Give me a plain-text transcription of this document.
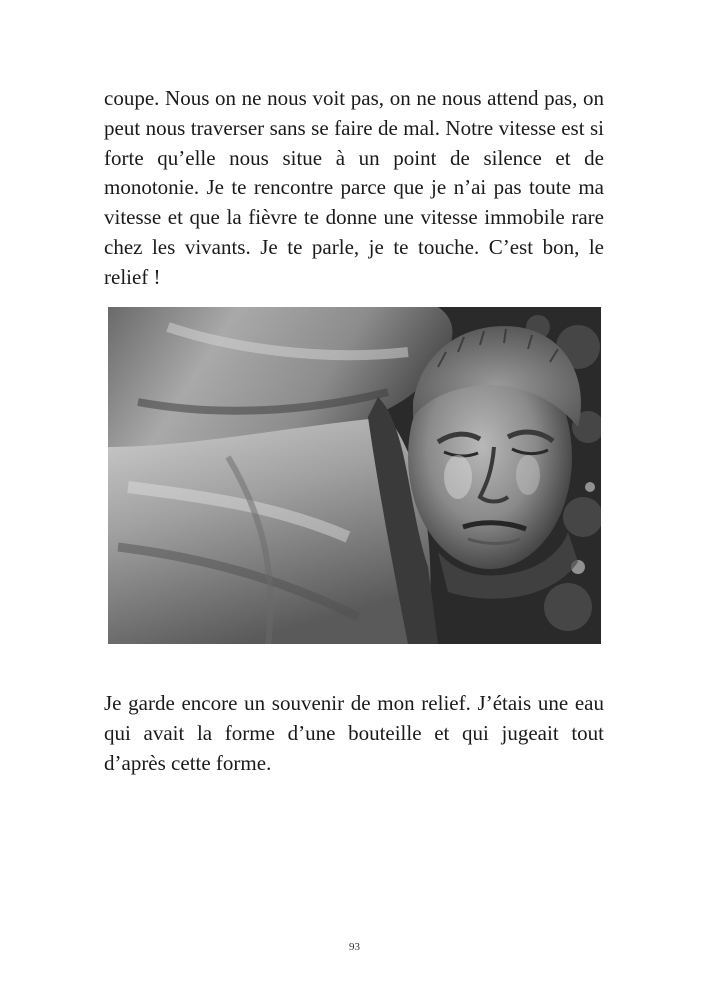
coupe. Nous on ne nous voit pas, on ne nous attend pas, on peut nous traverser sans se faire de mal. Notre vitesse est si forte qu’elle nous situe à un point de silence et de monotonie. Je te rencontre parce que je n’ai pas toute ma vitesse et que la fièvre te donne une vitesse immobile rare chez les vivants. Je te parle, je te touche. C’est bon, le relief !

Je garde encore un souvenir de mon relief. J’étais une eau qui avait la forme d’une bouteille et qui jugeait tout d’après cette forme.

93
